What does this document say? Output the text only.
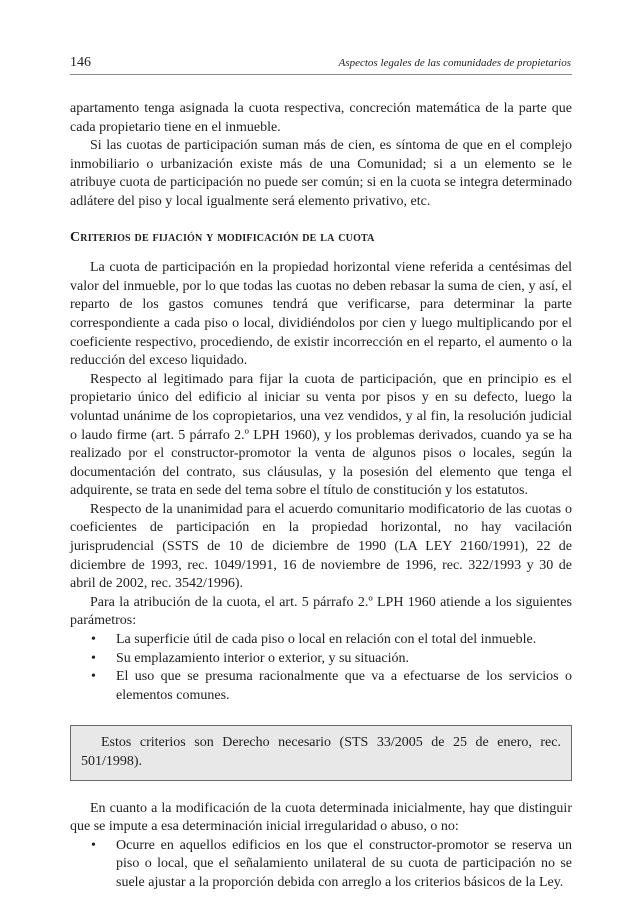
146	Aspectos legales de las comunidades de propietarios

apartamento tenga asignada la cuota respectiva, concreción matemática de la parte que cada propietario tiene en el inmueble.

Si las cuotas de participación suman más de cien, es síntoma de que en el complejo inmobiliario o urbanización existe más de una Comunidad; si a un elemento se le atribuye cuota de participación no puede ser común; si en la cuota se integra determinado adlátere del piso y local igualmente será elemento privativo, etc.

Criterios de fijación y modificación de la cuota

La cuota de participación en la propiedad horizontal viene referida a centésimas del valor del inmueble, por lo que todas las cuotas no deben rebasar la suma de cien, y así, el reparto de los gastos comunes tendrá que verificarse, para determinar la parte correspondiente a cada piso o local, dividiéndolos por cien y luego multiplicando por el coeficiente respectivo, procediendo, de existir incorrección en el reparto, el aumento o la reducción del exceso liquidado.

Respecto al legitimado para fijar la cuota de participación, que en principio es el propietario único del edificio al iniciar su venta por pisos y en su defecto, luego la voluntad unánime de los copropietarios, una vez vendidos, y al fin, la resolución judicial o laudo firme (art. 5 párrafo 2.º LPH 1960), y los problemas derivados, cuando ya se ha realizado por el constructor-promotor la venta de algunos pisos o locales, según la documentación del contrato, sus cláusulas, y la posesión del elemento que tenga el adquirente, se trata en sede del tema sobre el título de constitución y los estatutos.

Respecto de la unanimidad para el acuerdo comunitario modificatorio de las cuotas o coeficientes de participación en la propiedad horizontal, no hay vacilación jurisprudencial (SSTS de 10 de diciembre de 1990 (LA LEY 2160/1991), 22 de diciembre de 1993, rec. 1049/1991, 16 de noviembre de 1996, rec. 322/1993 y 30 de abril de 2002, rec. 3542/1996).

Para la atribución de la cuota, el art. 5 párrafo 2.º LPH 1960 atiende a los siguientes parámetros:

• La superficie útil de cada piso o local en relación con el total del inmueble.
• Su emplazamiento interior o exterior, y su situación.
• El uso que se presuma racionalmente que va a efectuarse de los servicios o elementos comunes.
Estos criterios son Derecho necesario (STS 33/2005 de 25 de enero, rec. 501/1998).

En cuanto a la modificación de la cuota determinada inicialmente, hay que distinguir que se impute a esa determinación inicial irregularidad o abuso, o no:

• Ocurre en aquellos edificios en los que el constructor-promotor se reserva un piso o local, que el señalamiento unilateral de su cuota de participación no se suele ajustar a la proporción debida con arreglo a los criterios básicos de la Ley.
